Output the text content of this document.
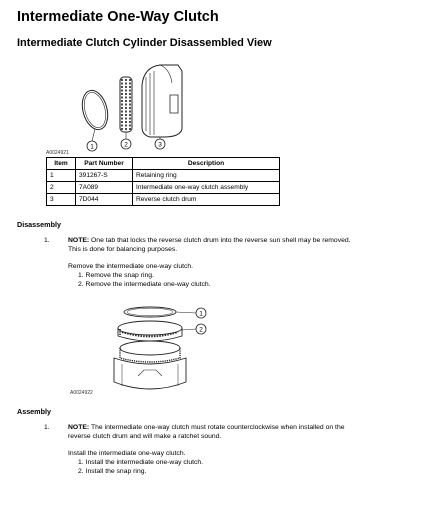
Intermediate One-Way Clutch
Intermediate Clutch Cylinder Disassembled View
1	2	3
A0024921
Item	Part Number	Description
1	391267-S	Retaining ring
2	7A089	Intermediate one-way clutch assembly
3	7D044	Reverse clutch drum
Disassembly
1.	NOTE: One tab that locks the reverse clutch drum into the reverse sun shell may be removed.
This is done for balancing purposes.
Remove the intermediate one-way clutch.
1. Remove the snap ring.
2. Remove the intermediate one-way clutch.
1
2
A0024922
Assembly
1.	NOTE: The intermediate one-way clutch must rotate counterclockwise when installed on the
reverse clutch drum and will make a ratchet sound.
Install the intermediate one-way clutch.
1. Install the intermediate one-way clutch.
2. Install the snap ring.
